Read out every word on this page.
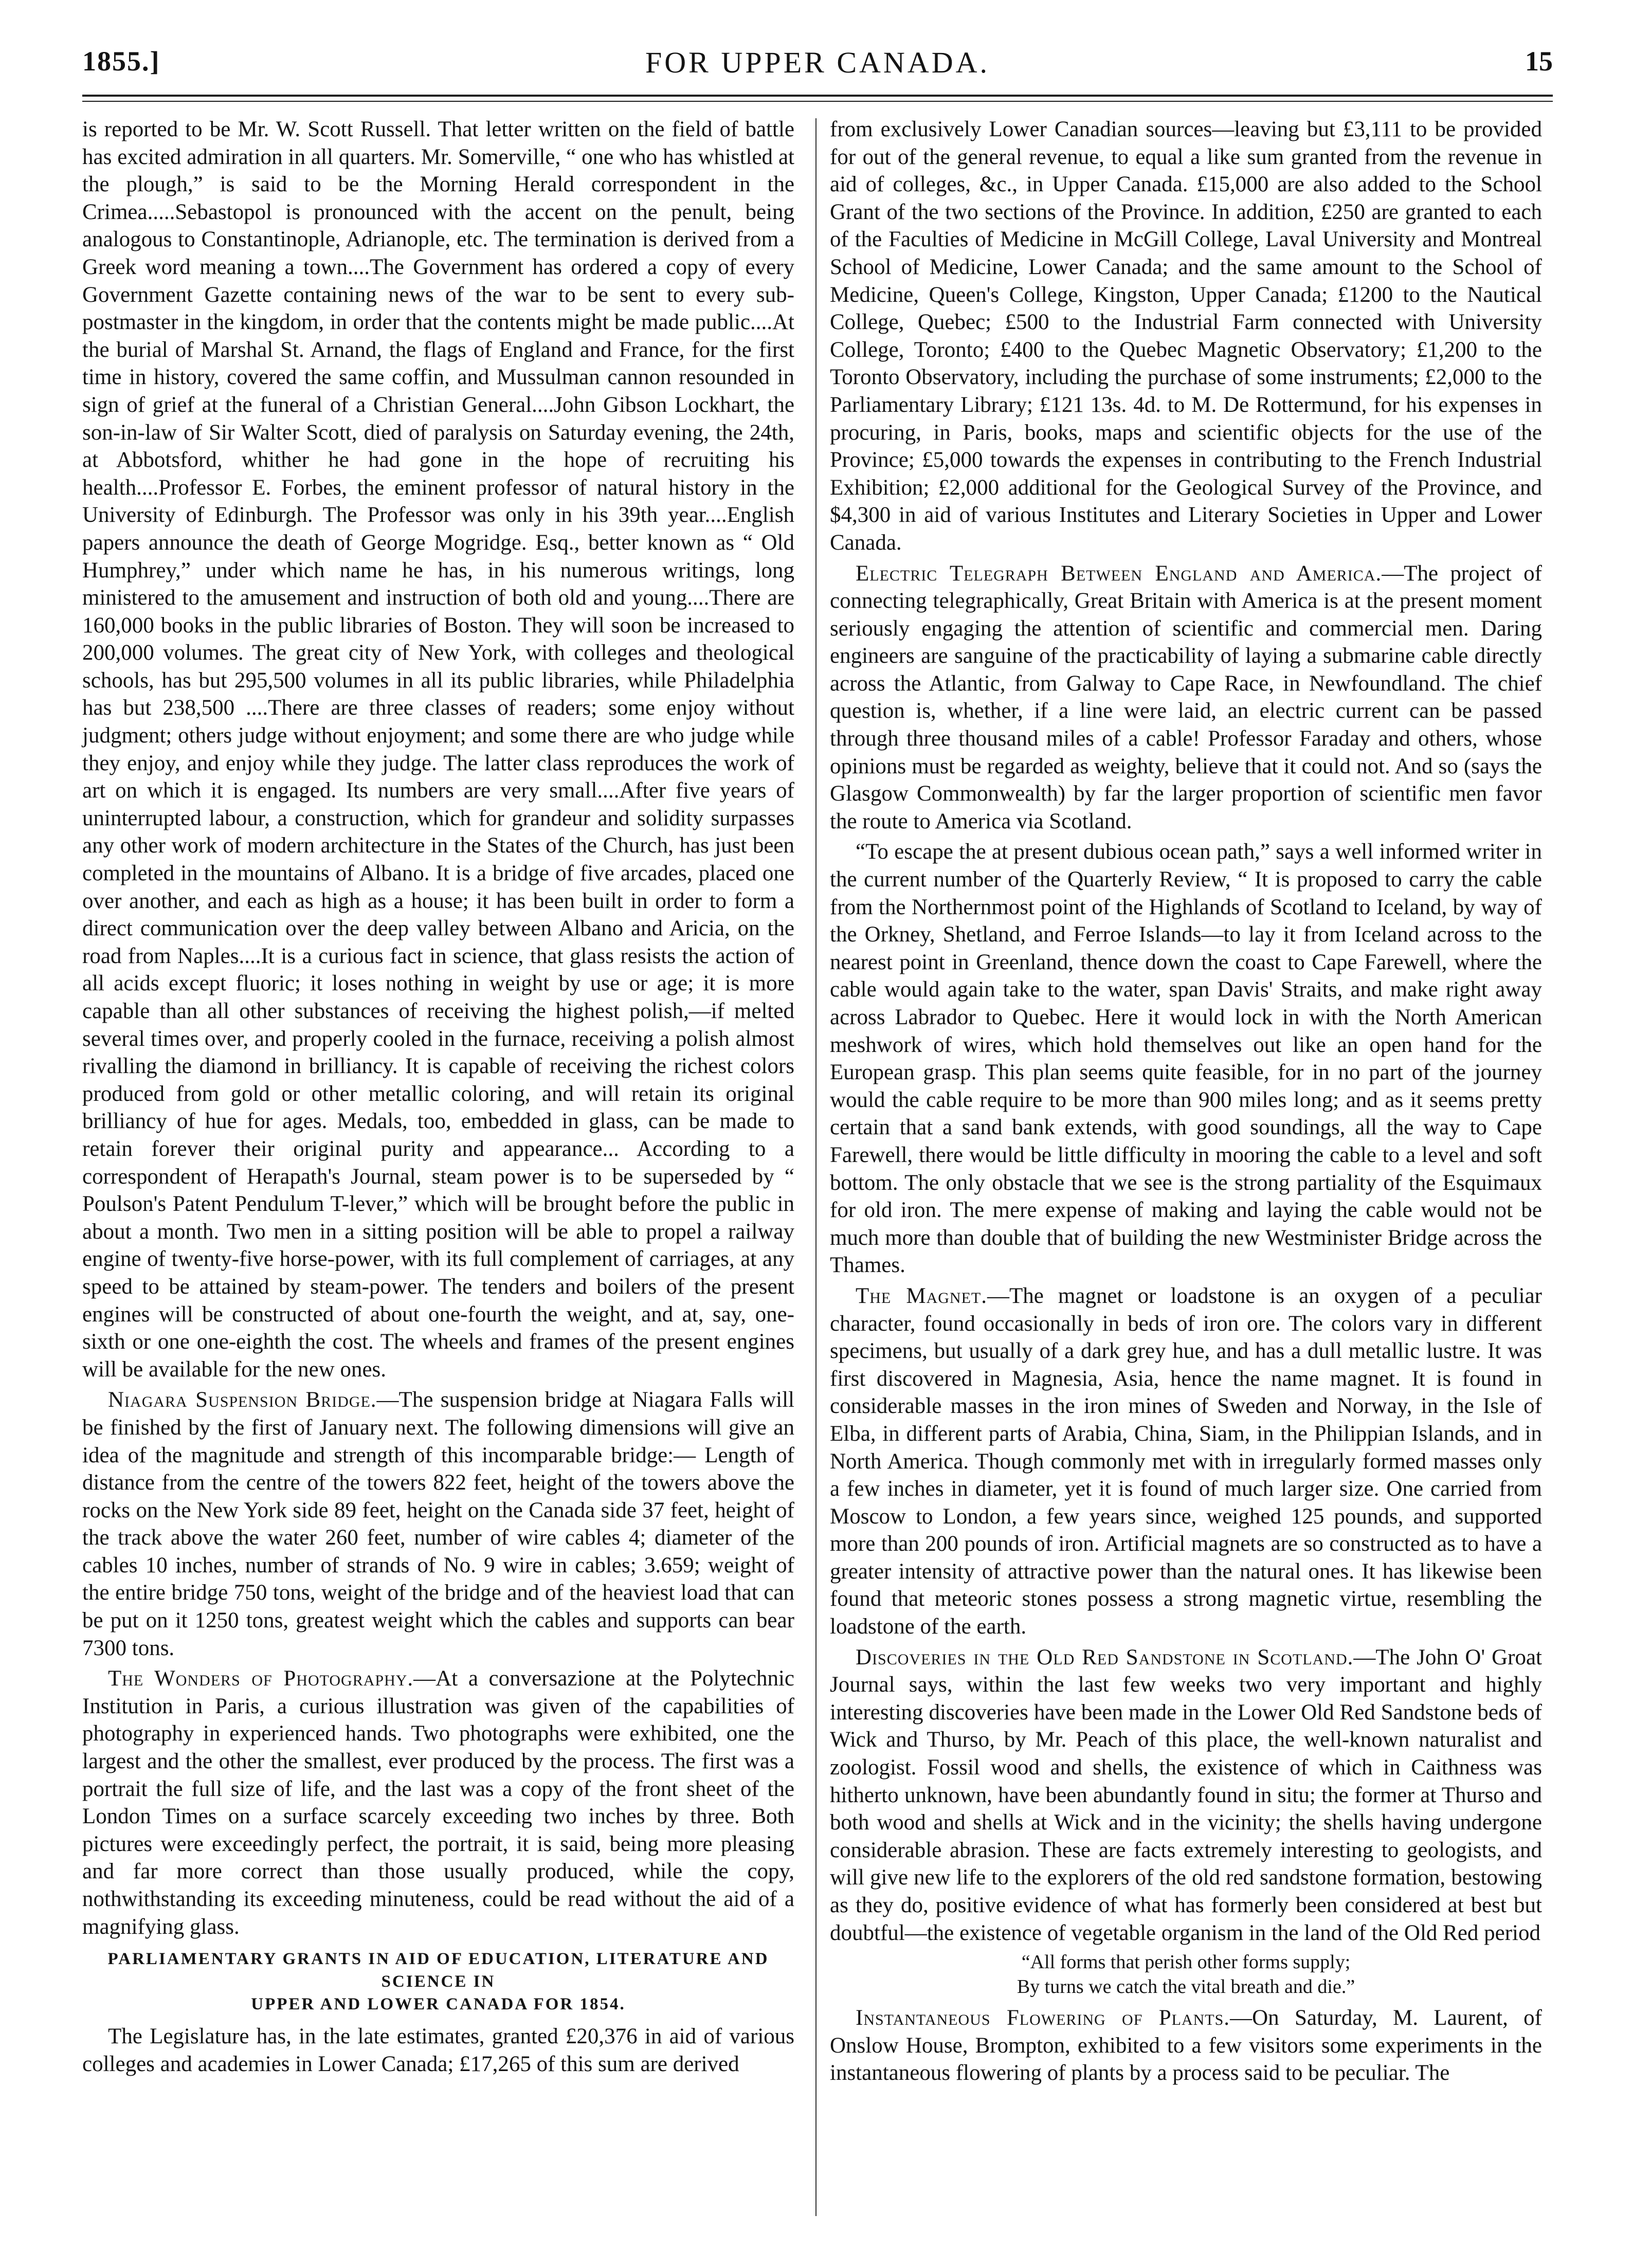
1855.]	FOR UPPER CANADA.	15

is reported to be Mr. W. Scott Russell. That letter written on the field of battle has excited admiration in all quarters. Mr. Somerville, “ one who has whistled at the plough,” is said to be the Morning Herald correspondent in the Crimea.....Sebastopol is pronounced with the accent on the penult, being analogous to Constantinople, Adrianople, etc. The termination is derived from a Greek word meaning a town....The Government has ordered a copy of every Government Gazette containing news of the war to be sent to every sub-postmaster in the kingdom, in order that the contents might be made public....At the burial of Marshal St. Arnand, the flags of England and France, for the first time in history, covered the same coffin, and Mussulman cannon resounded in sign of grief at the funeral of a Christian General....John Gibson Lockhart, the son-in-law of Sir Walter Scott, died of paralysis on Saturday evening, the 24th, at Abbotsford, whither he had gone in the hope of recruiting his health....Professor E. Forbes, the eminent professor of natural history in the University of Edinburgh. The Professor was only in his 39th year....English papers announce the death of George Mogridge. Esq., better known as “ Old Humphrey,” under which name he has, in his numerous writings, long ministered to the amusement and instruction of both old and young....There are 160,000 books in the public libraries of Boston. They will soon be increased to 200,000 volumes. The great city of New York, with colleges and theological schools, has but 295,500 volumes in all its public libraries, while Philadelphia has but 238,500 ....There are three classes of readers; some enjoy without judgment; others judge without enjoyment; and some there are who judge while they enjoy, and enjoy while they judge. The latter class reproduces the work of art on which it is engaged. Its numbers are very small....After five years of uninterrupted labour, a construction, which for grandeur and solidity surpasses any other work of modern architecture in the States of the Church, has just been completed in the mountains of Albano. It is a bridge of five arcades, placed one over another, and each as high as a house; it has been built in order to form a direct communication over the deep valley between Albano and Aricia, on the road from Naples....It is a curious fact in science, that glass resists the action of all acids except fluoric; it loses nothing in weight by use or age; it is more capable than all other substances of receiving the highest polish,—if melted several times over, and properly cooled in the furnace, receiving a polish almost rivalling the diamond in brilliancy. It is capable of receiving the richest colors produced from gold or other metallic coloring, and will retain its original brilliancy of hue for ages. Medals, too, embedded in glass, can be made to retain forever their original purity and appearance... According to a correspondent of Herapath's Journal, steam power is to be superseded by “ Poulson's Patent Pendulum T-lever,” which will be brought before the public in about a month. Two men in a sitting position will be able to propel a railway engine of twenty-five horse-power, with its full complement of carriages, at any speed to be attained by steam-power. The tenders and boilers of the present engines will be constructed of about one-fourth the weight, and at, say, one-sixth or one one-eighth the cost. The wheels and frames of the present engines will be available for the new ones.

Niagara Suspension Bridge.—The suspension bridge at Niagara Falls will be finished by the first of January next. The following dimensions will give an idea of the magnitude and strength of this incomparable bridge:— Length of distance from the centre of the towers 822 feet, height of the towers above the rocks on the New York side 89 feet, height on the Canada side 37 feet, height of the track above the water 260 feet, number of wire cables 4; diameter of the cables 10 inches, number of strands of No. 9 wire in cables; 3.659; weight of the entire bridge 750 tons, weight of the bridge and of the heaviest load that can be put on it 1250 tons, greatest weight which the cables and supports can bear 7300 tons.

The Wonders of Photography.—At a conversazione at the Polytechnic Institution in Paris, a curious illustration was given of the capabilities of photography in experienced hands. Two photographs were exhibited, one the largest and the other the smallest, ever produced by the process. The first was a portrait the full size of life, and the last was a copy of the front sheet of the London Times on a surface scarcely exceeding two inches by three. Both pictures were exceedingly perfect, the portrait, it is said, being more pleasing and far more correct than those usually produced, while the copy, nothwithstanding its exceeding minuteness, could be read without the aid of a magnifying glass.

PARLIAMENTARY GRANTS IN AID OF EDUCATION, LITERATURE AND SCIENCE IN
UPPER AND LOWER CANADA FOR 1854.

The Legislature has, in the late estimates, granted £20,376 in aid of various colleges and academies in Lower Canada; £17,265 of this sum are derived

from exclusively Lower Canadian sources—leaving but £3,111 to be provided for out of the general revenue, to equal a like sum granted from the revenue in aid of colleges, &c., in Upper Canada. £15,000 are also added to the School Grant of the two sections of the Province. In addition, £250 are granted to each of the Faculties of Medicine in McGill College, Laval University and Montreal School of Medicine, Lower Canada; and the same amount to the School of Medicine, Queen's College, Kingston, Upper Canada; £1200 to the Nautical College, Quebec; £500 to the Industrial Farm connected with University College, Toronto; £400 to the Quebec Magnetic Observatory; £1,200 to the Toronto Observatory, including the purchase of some instruments; £2,000 to the Parliamentary Library; £121 13s. 4d. to M. De Rottermund, for his expenses in procuring, in Paris, books, maps and scientific objects for the use of the Province; £5,000 towards the expenses in contributing to the French Industrial Exhibition; £2,000 additional for the Geological Survey of the Province, and $4,300 in aid of various Institutes and Literary Societies in Upper and Lower Canada.

Electric Telegraph Between England and America.—The project of connecting telegraphically, Great Britain with America is at the present moment seriously engaging the attention of scientific and commercial men. Daring engineers are sanguine of the practicability of laying a submarine cable directly across the Atlantic, from Galway to Cape Race, in Newfoundland. The chief question is, whether, if a line were laid, an electric current can be passed through three thousand miles of a cable! Professor Faraday and others, whose opinions must be regarded as weighty, believe that it could not. And so (says the Glasgow Commonwealth) by far the larger proportion of scientific men favor the route to America via Scotland.

“To escape the at present dubious ocean path,” says a well informed writer in the current number of the Quarterly Review, “ It is proposed to carry the cable from the Northernmost point of the Highlands of Scotland to Iceland, by way of the Orkney, Shetland, and Ferroe Islands—to lay it from Iceland across to the nearest point in Greenland, thence down the coast to Cape Farewell, where the cable would again take to the water, span Davis' Straits, and make right away across Labrador to Quebec. Here it would lock in with the North American meshwork of wires, which hold themselves out like an open hand for the European grasp. This plan seems quite feasible, for in no part of the journey would the cable require to be more than 900 miles long; and as it seems pretty certain that a sand bank extends, with good soundings, all the way to Cape Farewell, there would be little difficulty in mooring the cable to a level and soft bottom. The only obstacle that we see is the strong partiality of the Esquimaux for old iron. The mere expense of making and laying the cable would not be much more than double that of building the new Westminister Bridge across the Thames.

The Magnet.—The magnet or loadstone is an oxygen of a peculiar character, found occasionally in beds of iron ore. The colors vary in different specimens, but usually of a dark grey hue, and has a dull metallic lustre. It was first discovered in Magnesia, Asia, hence the name magnet. It is found in considerable masses in the iron mines of Sweden and Norway, in the Isle of Elba, in different parts of Arabia, China, Siam, in the Philippian Islands, and in North America. Though commonly met with in irregularly formed masses only a few inches in diameter, yet it is found of much larger size. One carried from Moscow to London, a few years since, weighed 125 pounds, and supported more than 200 pounds of iron. Artificial magnets are so constructed as to have a greater intensity of attractive power than the natural ones. It has likewise been found that meteoric stones possess a strong magnetic virtue, resembling the loadstone of the earth.

Discoveries in the Old Red Sandstone in Scotland.—The John O' Groat Journal says, within the last few weeks two very important and highly interesting discoveries have been made in the Lower Old Red Sandstone beds of Wick and Thurso, by Mr. Peach of this place, the well-known naturalist and zoologist. Fossil wood and shells, the existence of which in Caithness was hitherto unknown, have been abundantly found in situ; the former at Thurso and both wood and shells at Wick and in the vicinity; the shells having undergone considerable abrasion. These are facts extremely interesting to geologists, and will give new life to the explorers of the old red sandstone formation, bestowing as they do, positive evidence of what has formerly been considered at best but doubtful—the existence of vegetable organism in the land of the Old Red period

“All forms that perish other forms supply;
By turns we catch the vital breath and die.”

Instantaneous Flowering of Plants.—On Saturday, M. Laurent, of Onslow House, Brompton, exhibited to a few visitors some experiments in the instantaneous flowering of plants by a process said to be peculiar. The
